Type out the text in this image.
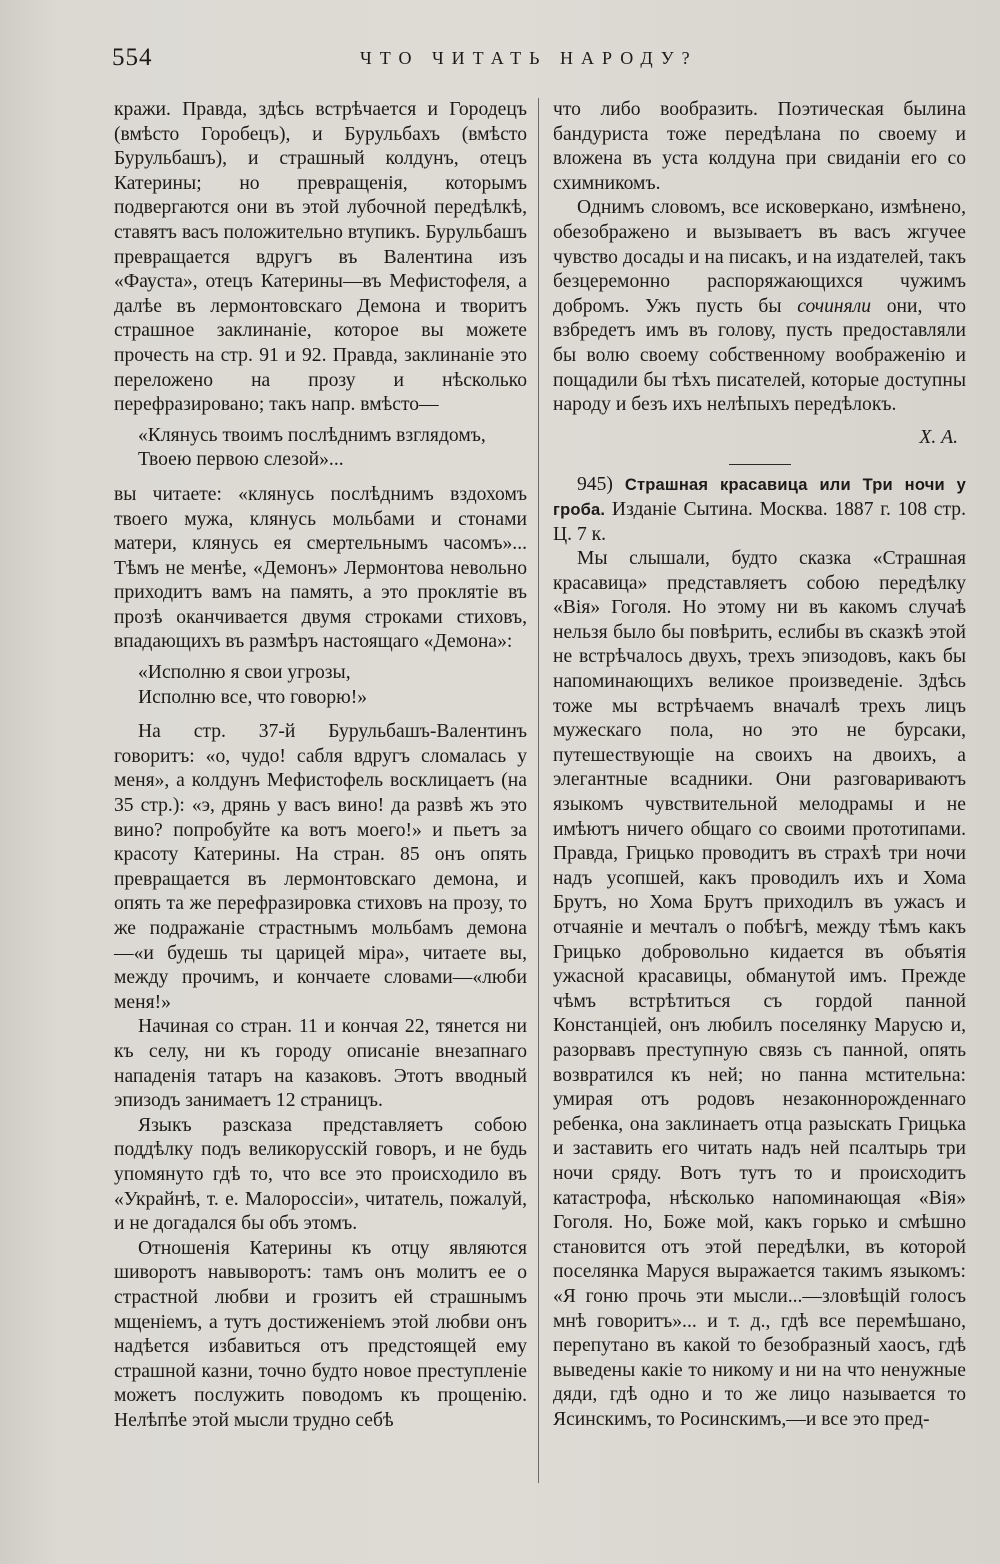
554	ЧТО ЧИТАТЬ НАРОДУ?

кражи. Правда, здѣсь встрѣчается и Городецъ (вмѣсто Горобецъ), и Бурульбахъ (вмѣсто Бурульбашъ), и страшный колдунъ, отецъ Катерины; но превращенія, которымъ подвергаются они въ этой лубочной передѣлкѣ, ставятъ васъ положительно втупикъ. Бурульбашъ превращается вдругъ въ Валентина изъ «Фауста», отецъ Катерины—въ Мефистофеля, а далѣе въ лермонтовскаго Демона и творитъ страшное заклинаніе, которое вы можете прочесть на стр. 91 и 92. Правда, заклинаніе это переложено на прозу и нѣсколько перефразировано; такъ напр. вмѣсто—

«Клянусь твоимъ послѣднимъ взглядомъ,
Твоею первою слезой»...

вы читаете: «клянусь послѣднимъ вздохомъ твоего мужа, клянусь мольбами и стонами матери, клянусь ея смертельнымъ часомъ»... Тѣмъ не менѣе, «Демонъ» Лермонтова невольно приходитъ вамъ на память, а это проклятіе въ прозѣ оканчивается двумя строками стиховъ, впадающихъ въ размѣръ настоящаго «Демона»:

«Исполню я свои угрозы,
Исполню все, что говорю!»

На стр. 37-й Бурульбашъ-Валентинъ говоритъ: «о, чудо! сабля вдругъ сломалась у меня», а колдунъ Мефистофель восклицаетъ (на 35 стр.): «э, дрянь у васъ вино! да развѣ жъ это вино? попробуйте ка вотъ моего!» и пьетъ за красоту Катерины. На стран. 85 онъ опять превращается въ лермонтовскаго демона, и опять та же перефразировка стиховъ на прозу, то же подражаніе страстнымъ мольбамъ демона—«и будешь ты царицей міра», читаете вы, между прочимъ, и кончаете словами—«люби меня!»

Начиная со стран. 11 и кончая 22, тянется ни къ селу, ни къ городу описаніе внезапнаго нападенія татаръ на казаковъ. Этотъ вводный эпизодъ занимаетъ 12 страницъ.

Языкъ разсказа представляетъ собою поддѣлку подъ великорусскій говоръ, и не будь упомянуто гдѣ то, что все это происходило въ «Украйнѣ, т. е. Малороссіи», читатель, пожалуй, и не догадался бы объ этомъ.

Отношенія Катерины къ отцу являются шиворотъ навыворотъ: тамъ онъ молитъ ее о страстной любви и грозитъ ей страшнымъ мщеніемъ, а тутъ достиженіемъ этой любви онъ надѣется избавиться отъ предстоящей ему страшной казни, точно будто новое преступленіе можетъ послужить поводомъ къ прощенію. Нелѣпѣе этой мысли трудно себѣ

что либо вообразить. Поэтическая былина бандуриста тоже передѣлана по своему и вложена въ уста колдуна при свиданіи его со схимникомъ.

Однимъ словомъ, все исковеркано, измѣнено, обезображено и вызываетъ въ васъ жгучее чувство досады и на писакъ, и на издателей, такъ безцеремонно распоряжающихся чужимъ добромъ. Ужъ пусть бы сочиняли они, что взбредетъ имъ въ голову, пусть предоставляли бы волю своему собственному воображенію и пощадили бы тѣхъ писателей, которые доступны народу и безъ ихъ нелѣпыхъ передѣлокъ.

Х. А.

945) Страшная красавица или Три ночи у гроба. Изданіе Сытина. Москва. 1887 г. 108 стр. Ц. 7 к.

Мы слышали, будто сказка «Страшная красавица» представляетъ собою передѣлку «Вія» Гоголя. Но этому ни въ какомъ случаѣ нельзя было бы повѣрить, еслибы въ сказкѣ этой не встрѣчалось двухъ, трехъ эпизодовъ, какъ бы напоминающихъ великое произведеніе. Здѣсь тоже мы встрѣчаемъ вначалѣ трехъ лицъ мужескаго пола, но это не бурсаки, путешествующіе на своихъ на двоихъ, а элегантные всадники. Они разговариваютъ языкомъ чувствительной мелодрамы и не имѣютъ ничего общаго со своими прототипами. Правда, Грицько проводитъ въ страхѣ три ночи надъ усопшей, какъ проводилъ ихъ и Хома Брутъ, но Хома Брутъ приходилъ въ ужасъ и отчаяніе и мечталъ о побѣгѣ, между тѣмъ какъ Грицько добровольно кидается въ объятія ужасной красавицы, обманутой имъ. Прежде чѣмъ встрѣтиться съ гордой панной Констанціей, онъ любилъ поселянку Марусю и, разорвавъ преступную связь съ панной, опять возвратился къ ней; но панна мстительна: умирая отъ родовъ незаконнорожденнаго ребенка, она заклинаетъ отца разыскать Грицька и заставить его читать надъ ней псалтырь три ночи сряду. Вотъ тутъ то и происходитъ катастрофа, нѣсколько напоминающая «Вія» Гоголя. Но, Боже мой, какъ горько и смѣшно становится отъ этой передѣлки, въ которой поселянка Маруся выражается такимъ языкомъ: «Я гоню прочь эти мысли...—зловѣщій голосъ мнѣ говоритъ»... и т. д., гдѣ все перемѣшано, перепутано въ какой то безобразный хаосъ, гдѣ выведены какіе то никому и ни на что ненужные дяди, гдѣ одно и то же лицо называется то Ясинскимъ, то Росинскимъ,—и все это пред-
